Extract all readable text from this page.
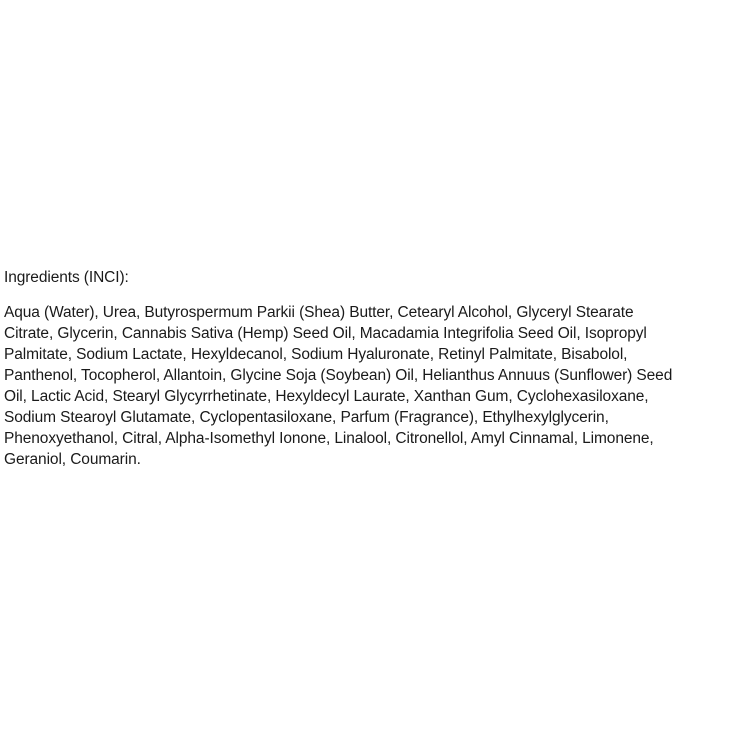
Ingredients (INCI):

Aqua (Water), Urea, Butyrospermum Parkii (Shea) Butter, Cetearyl Alcohol, Glyceryl Stearate
Citrate, Glycerin, Cannabis Sativa (Hemp) Seed Oil, Macadamia Integrifolia Seed Oil, Isopropyl
Palmitate, Sodium Lactate, Hexyldecanol, Sodium Hyaluronate, Retinyl Palmitate, Bisabolol,
Panthenol, Tocopherol, Allantoin, Glycine Soja (Soybean) Oil, Helianthus Annuus (Sunflower) Seed
Oil, Lactic Acid, Stearyl Glycyrrhetinate, Hexyldecyl Laurate, Xanthan Gum, Cyclohexasiloxane,
Sodium Stearoyl Glutamate, Cyclopentasiloxane, Parfum (Fragrance), Ethylhexylglycerin,
Phenoxyethanol, Citral, Alpha-Isomethyl Ionone, Linalool, Citronellol, Amyl Cinnamal, Limonene,
Geraniol, Coumarin.
